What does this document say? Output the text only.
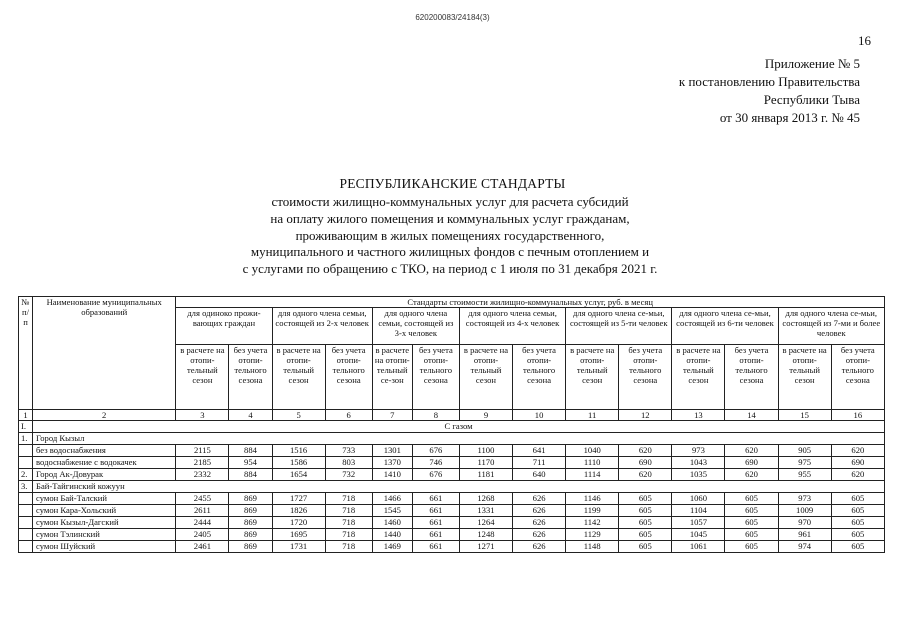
620200083/24184(3)
16
Приложение № 5
к постановлению Правительства
Республики Тыва
от 30 января 2013 г. № 45
РЕСПУБЛИКАНСКИЕ СТАНДАРТЫ
стоимости жилищно-коммунальных услуг для расчета субсидий
на оплату жилого помещения и коммунальных услуг гражданам,
проживающим в жилых помещениях государственного,
муниципального и частного жилищных фондов с печным отоплением и
с услугами по обращению с ТКО, на период с 1 июля по 31 декабря 2021 г.
№ п/п	Наименование муниципальных образований	Стандарты стоимости жилищно-коммунальных услуг, руб. в месяц													
		для одиноко прожи-вающих граждан		для одного члена семьи, состоящей из 2-х человек		для одного члена семьи, состоящей из 3-х человек		для одного члена семьи, состоящей из 4-х человек		для одного члена се-мьи, состоящей из 5-ти человек		для одного члена се-мьи, состоящей из 6-ти человек		для одного члена се-мьи, состоящей из 7-ми и более человек	
		в расчете на отопи-тельный сезон	без учета отопи-тельного сезона	в расчете на отопи-тельный сезон	без учета отопи-тельного сезона	в расчете на отопи-тельный се-зон	без учета отопи-тельного сезона	в расчете на отопи-тельный сезон	без учета отопи-тельного сезона	в расчете на отопи-тельный сезон	без учета отопи-тельного сезона	в расчете на отопи-тельный сезон	без учета отопи-тельного сезона	в расчете на отопи-тельный сезон	без учета отопи-тельного сезона
1	2	3	4	5	6	7	8	9	10	11	12	13	14	15	16
I.	С газом														
1.	Город Кызыл														
	без водоснабжения	2115	884	1516	733	1301	676	1100	641	1040	620	973	620	905	620
	водоснабжение с водокачек	2185	954	1586	803	1370	746	1170	711	1110	690	1043	690	975	690
2.	Город Ак-Довурак	2332	884	1654	732	1410	676	1181	640	1114	620	1035	620	955	620
3.	Бай-Тайгинский кожуун														
	сумон Бай-Талский	2455	869	1727	718	1466	661	1268	626	1146	605	1060	605	973	605
	сумон Кара-Хольский	2611	869	1826	718	1545	661	1331	626	1199	605	1104	605	1009	605
	сумон Кызыл-Дагский	2444	869	1720	718	1460	661	1264	626	1142	605	1057	605	970	605
	сумон Тэлинский	2405	869	1695	718	1440	661	1248	626	1129	605	1045	605	961	605
	сумон Шуйский	2461	869	1731	718	1469	661	1271	626	1148	605	1061	605	974	605
